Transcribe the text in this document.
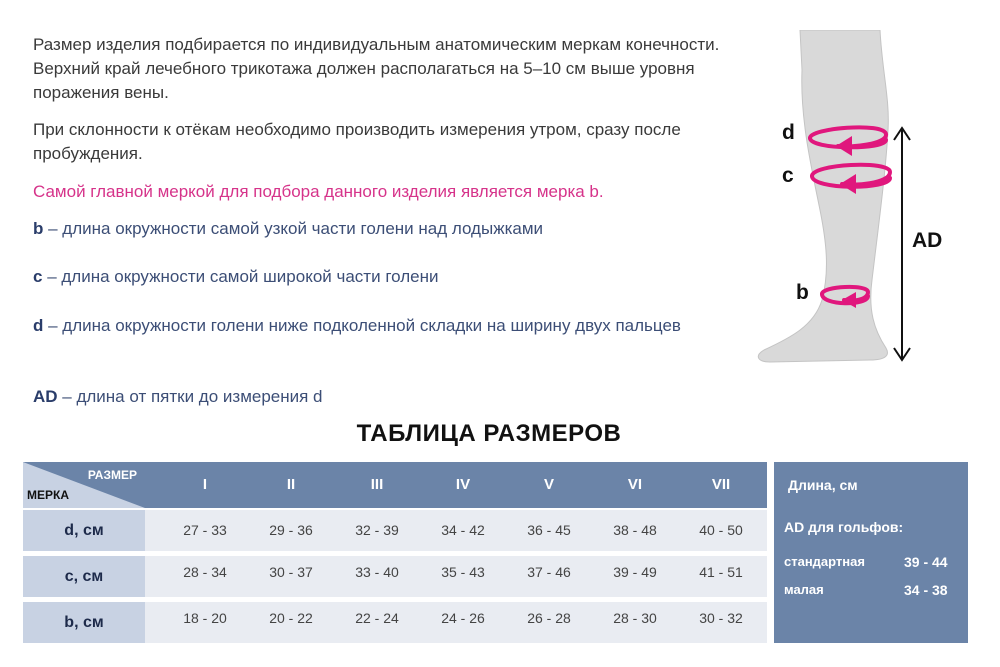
Размер изделия подбирается по индивидуальным анатомическим меркам конечности. Верхний край лечебного трикотажа должен располагаться на 5–10 см выше уровня поражения вены.
При склонности к отёкам необходимо производить измерения утром, сразу после пробуждения.
Самой главной меркой для подбора данного изделия является мерка b.
b – длина окружности самой узкой части голени над лодыжками
c – длина окружности самой широкой части голени
d – длина окружности голени ниже подколенной складки на ширину двух пальцев
AD – длина от пятки до измерения d
d
c
b
AD
ТАБЛИЦА РАЗМЕРОВ
РАЗМЕР
МЕРКА
I	II	III	IV	V	VI	VII
d, см	27 - 33	29 - 36	32 - 39	34 - 42	36 - 45	38 - 48	40 - 50
c, см	28 - 34	30 - 37	33 - 40	35 - 43	37 - 46	39 - 49	41 - 51
b, см	18 - 20	20 - 22	22 - 24	24 - 26	26 - 28	28 - 30	30 - 32
Длина, см
AD для гольфов:
стандартная	39 - 44
малая	34 - 38
